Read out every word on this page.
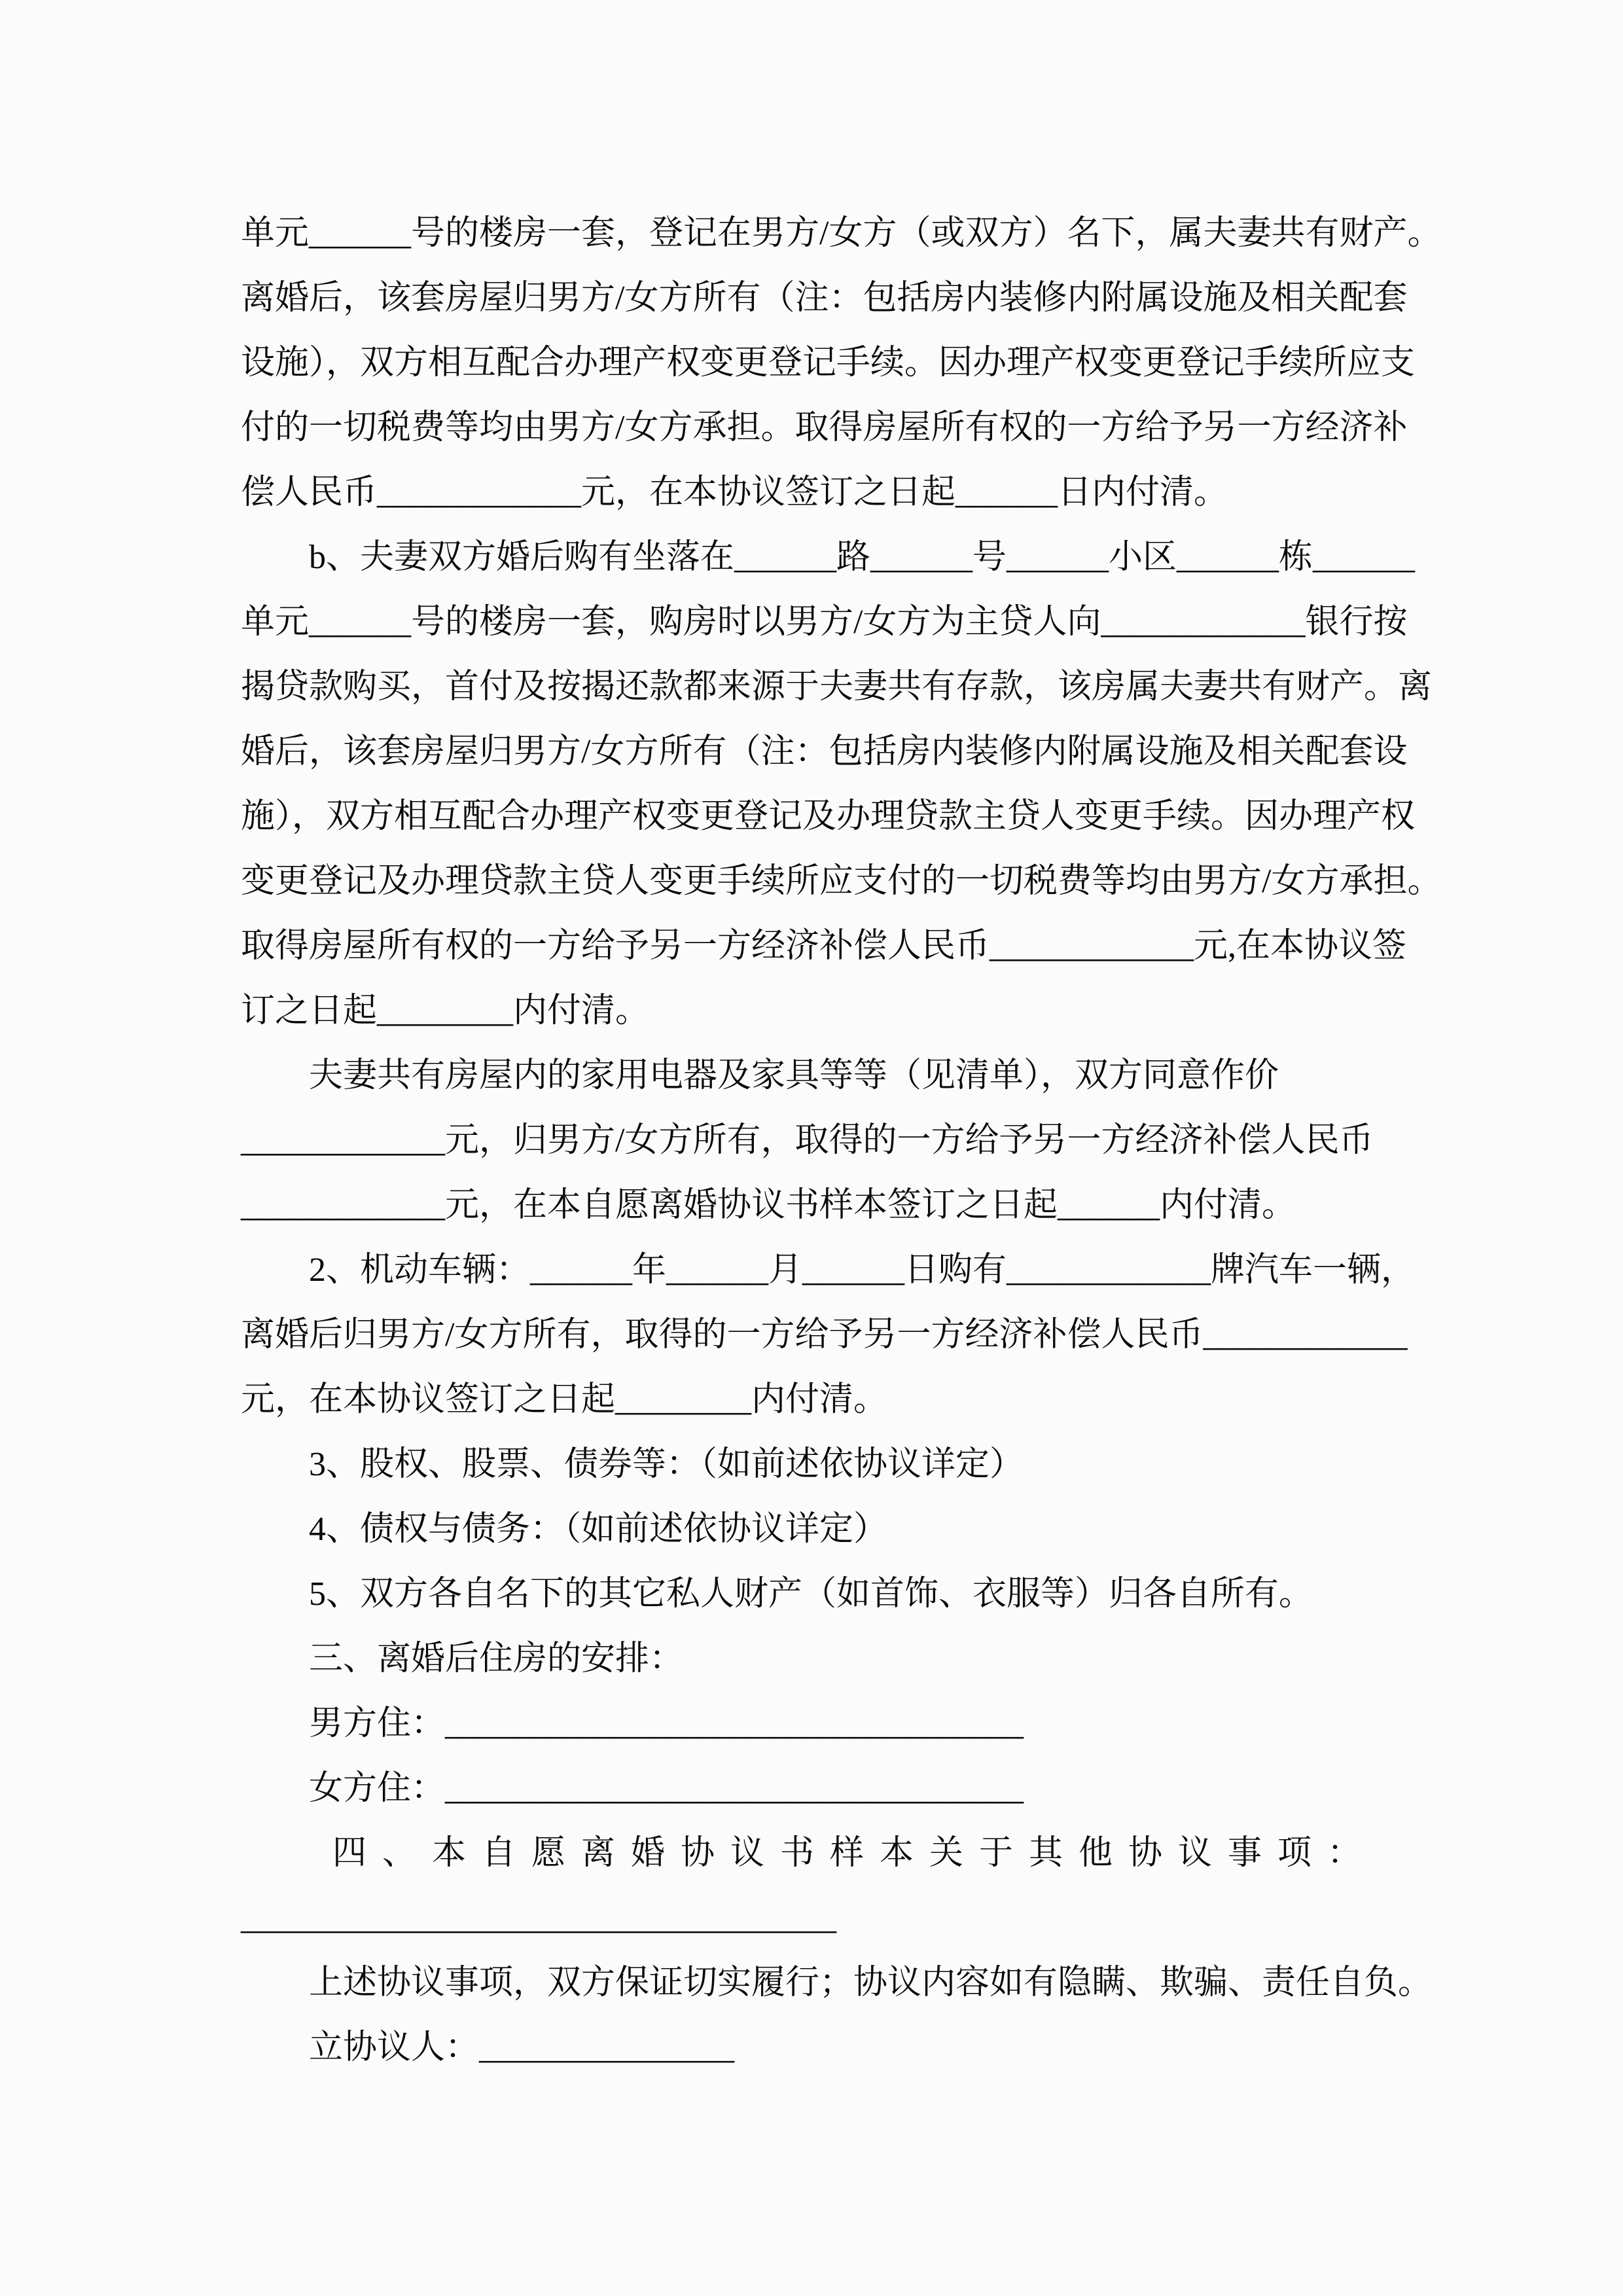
单元______号的楼房一套，登记在男方/女方（或双方）名下，属夫妻共有财产。
离婚后，该套房屋归男方/女方所有（注：包括房内装修内附属设施及相关配套
设施），双方相互配合办理产权变更登记手续。因办理产权变更登记手续所应支
付的一切税费等均由男方/女方承担。取得房屋所有权的一方给予另一方经济补
偿人民币____________元，在本协议签订之日起______日内付清。
b、夫妻双方婚后购有坐落在______路______号______小区______栋______
单元______号的楼房一套，购房时以男方/女方为主贷人向____________银行按
揭贷款购买，首付及按揭还款都来源于夫妻共有存款，该房属夫妻共有财产。离
婚后，该套房屋归男方/女方所有（注：包括房内装修内附属设施及相关配套设
施），双方相互配合办理产权变更登记及办理贷款主贷人变更手续。因办理产权
变更登记及办理贷款主贷人变更手续所应支付的一切税费等均由男方/女方承担。
取得房屋所有权的一方给予另一方经济补偿人民币____________元,在本协议签
订之日起________内付清。
夫妻共有房屋内的家用电器及家具等等（见清单），双方同意作价
____________元，归男方/女方所有，取得的一方给予另一方经济补偿人民币
____________元，在本自愿离婚协议书样本签订之日起______内付清。
2、机动车辆：______年______月______日购有____________牌汽车一辆，
离婚后归男方/女方所有，取得的一方给予另一方经济补偿人民币____________
元，在本协议签订之日起________内付清。
3、股权、股票、债券等：（如前述依协议详定）
4、债权与债务：（如前述依协议详定）
5、双方各自名下的其它私人财产（如首饰、衣服等）归各自所有。
三、离婚后住房的安排：
男方住：__________________________________
女方住：__________________________________
四、本自愿离婚协议书样本关于其他协议事项：
___________________________________
上述协议事项，双方保证切实履行；协议内容如有隐瞒、欺骗、责任自负。
立协议人：_______________
